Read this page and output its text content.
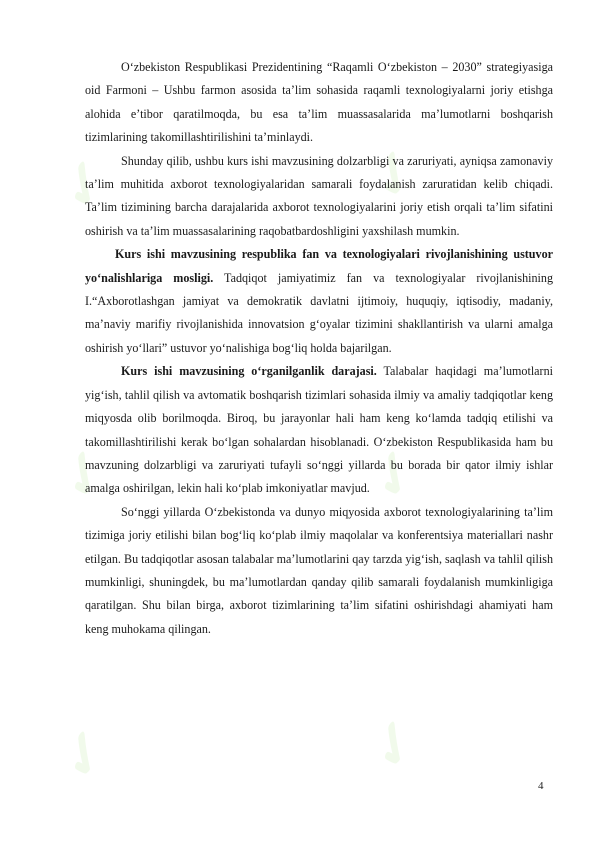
✓	✓
✓	✓
✓	✓

O‘zbekiston Respublikasi Prezidentining “Raqamli O‘zbekiston – 2030” strategiyasiga oid Farmoni – Ushbu farmon asosida ta’lim sohasida raqamli texnologiyalarni joriy etishga alohida e’tibor qaratilmoqda, bu esa ta’lim muassasalarida ma’lumotlarni boshqarish tizimlarining takomillashtirilishini ta’minlaydi.

Shunday qilib, ushbu kurs ishi mavzusining dolzarbligi va zaruriyati, ayniqsa zamonaviy ta’lim muhitida axborot texnologiyalaridan samarali foydalanish zaruratidan kelib chiqadi. Ta’lim tizimining barcha darajalarida axborot texnologiyalarini joriy etish orqali ta’lim sifatini oshirish va ta’lim muassasalarining raqobatbardoshligini yaxshilash mumkin.

Kurs ishi mavzusining respublika fan va texnologiyalari rivojlanishining ustuvor yo‘nalishlariga mosligi. Tadqiqot jamiyatimiz fan va texnologiyalar rivojlanishining I.“Axborotlashgan jamiyat va demokratik davlatni ijtimoiy, huquqiy, iqtisodiy, madaniy, ma’naviy marifiy rivojlanishida innovatsion g‘oyalar tizimini shakllantirish va ularni amalga oshirish yo‘llari” ustuvor yo‘nalishiga bog‘liq holda bajarilgan.

Kurs ishi mavzusining o‘rganilganlik darajasi. Talabalar haqidagi ma’lumotlarni yig‘ish, tahlil qilish va avtomatik boshqarish tizimlari sohasida ilmiy va amaliy tadqiqotlar keng miqyosda olib borilmoqda. Biroq, bu jarayonlar hali ham keng ko‘lamda tadqiq etilishi va takomillashtirilishi kerak bo‘lgan sohalardan hisoblanadi. O‘zbekiston Respublikasida ham bu mavzuning dolzarbligi va zaruriyati tufayli so‘nggi yillarda bu borada bir qator ilmiy ishlar amalga oshirilgan, lekin hali ko‘plab imkoniyatlar mavjud.

So‘nggi yillarda O‘zbekistonda va dunyo miqyosida axborot texnologiyalarining ta’lim tizimiga joriy etilishi bilan bog‘liq ko‘plab ilmiy maqolalar va konferentsiya materiallari nashr etilgan. Bu tadqiqotlar asosan talabalar ma’lumotlarini qay tarzda yig‘ish, saqlash va tahlil qilish mumkinligi, shuningdek, bu ma’lumotlardan qanday qilib samarali foydalanish mumkinligiga qaratilgan. Shu bilan birga, axborot tizimlarining ta’lim sifatini oshirishdagi ahamiyati ham keng muhokama qilingan.

4
